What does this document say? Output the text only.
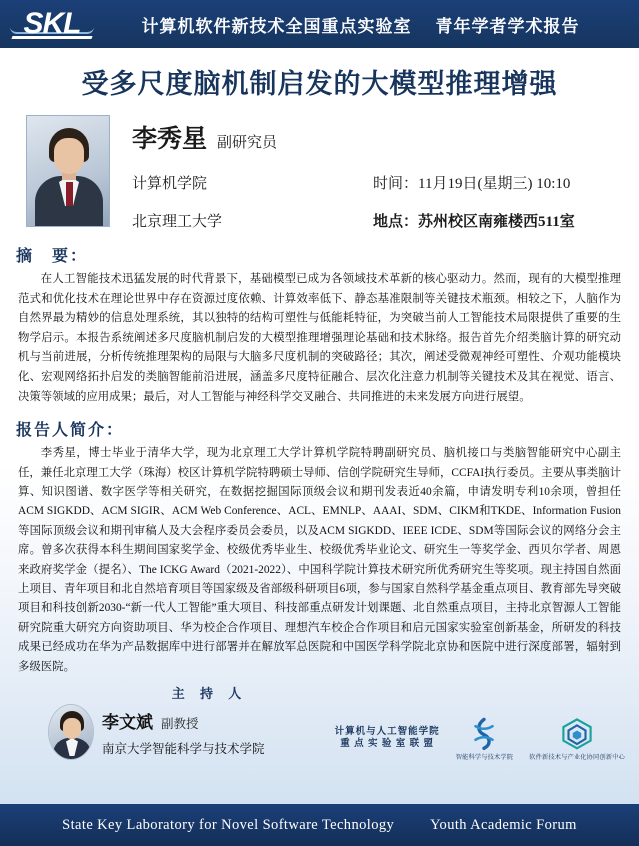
SKL	计算机软件新技术全国重点实验室 青年学者学术报告
受多尺度脑机制启发的大模型推理增强
李秀星 副研究员
计算机学院	时间：11月19日(星期三) 10:10
北京理工大学	地点：苏州校区南雍楼西511室
摘　要：
在人工智能技术迅猛发展的时代背景下，基础模型已成为各领域技术革新的核心驱动力。然而，现有的大模型推理范式和优化技术在理论世界中存在资源过度依赖、计算效率低下、静态基准限制等关键技术瓶颈。相较之下，人脑作为自然界最为精妙的信息处理系统，其以独特的结构可塑性与低能耗特征，为突破当前人工智能技术局限提供了重要的生物学启示。本报告系统阐述多尺度脑机制启发的大模型推理增强理论基础和技术脉络。报告首先介绍类脑计算的研究动机与当前进展，分析传统推理架构的局限与大脑多尺度机制的突破路径；其次，阐述受微观神经可塑性、介观功能模块化、宏观网络拓扑启发的类脑智能前沿进展，涵盖多尺度特征融合、层次化注意力机制等关键技术及其在视觉、语言、决策等领域的应用成果；最后，对人工智能与神经科学交叉融合、共同推进的未来发展方向进行展望。
报告人简介：
李秀星，博士毕业于清华大学，现为北京理工大学计算机学院特聘副研究员、脑机接口与类脑智能研究中心副主任，兼任北京理工大学（珠海）校区计算机学院特聘硕士导师、信创学院研究生导师，CCFAI执行委员。主要从事类脑计算、知识图谱、数字医学等相关研究，在数据挖掘国际顶级会议和期刊发表近40余篇，申请发明专利10余项，曾担任ACM SIGKDD、ACM SIGIR、ACM Web Conference、ACL、EMNLP、AAAI、SDM、CIKM和TKDE、Information Fusion等国际顶级会议和期刊审稿人及大会程序委员会委员，以及ACM SIGKDD、IEEE ICDE、SDM等国际会议的网络分会主席。曾多次获得本科生期间国家奖学金、校级优秀毕业生、校级优秀毕业论文、研究生一等奖学金、西贝尔学者、周恩来政府奖学金（提名）、The ICKG Award（2021-2022）、中国科学院计算技术研究所优秀研究生等奖项。现主持国自然面上项目、青年项目和北自然培育项目等国家级及省部级科研项目6项，参与国家自然科学基金重点项目、教育部先导突破项目和科技创新2030-“新一代人工智能”重大项目、科技部重点研发计划课题、北自然重点项目，主持北京智源人工智能研究院重大研究方向资助项目、华为校企合作项目、理想汽车校企合作项目和启元国家实验室创新基金，所研发的科技成果已经成功在华为产品数据库中进行部署并在解放军总医院和中国医学科学院北京协和医院中进行深度部署，辐射到多级医院。
主 持 人
李文斌 副教授
南京大学智能科学与技术学院
计算机与人工智能学院
重 点 实 验 室 联 盟
智能科学与技术学院	软件新技术与产业化协同创新中心
State Key Laboratory for Novel Software Technology Youth Academic Forum
